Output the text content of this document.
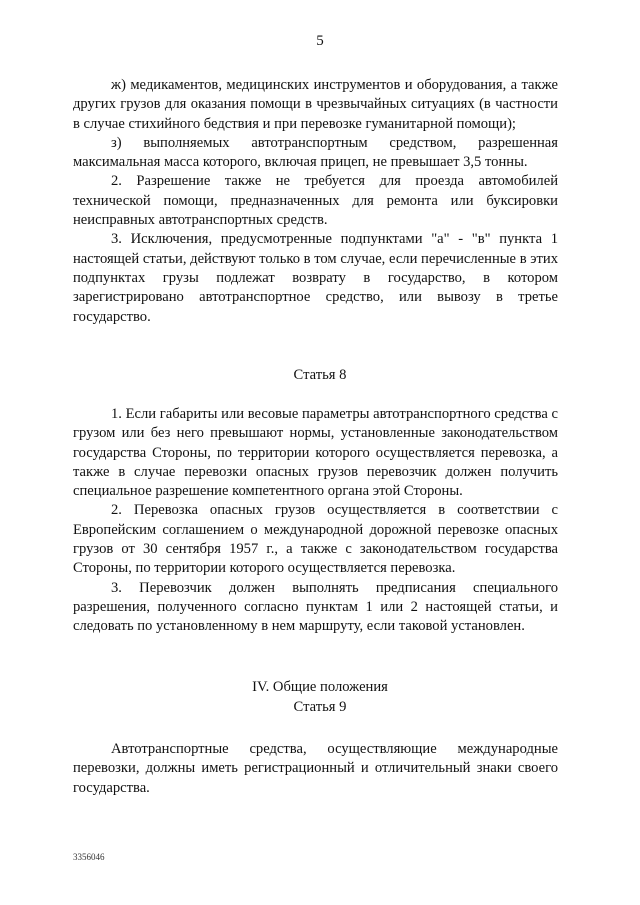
5

ж) медикаментов, медицинских инструментов и оборудования, а также других грузов для оказания помощи в чрезвычайных ситуациях (в частности в случае стихийного бедствия и при перевозке гуманитарной помощи);

з) выполняемых автотранспортным средством, разрешенная максимальная масса которого, включая прицеп, не превышает 3,5 тонны.

2. Разрешение также не требуется для проезда автомобилей технической помощи, предназначенных для ремонта или буксировки неисправных автотранспортных средств.

3. Исключения, предусмотренные подпунктами "а" - "в" пункта 1 настоящей статьи, действуют только в том случае, если перечисленные в этих подпунктах грузы подлежат возврату в государство, в котором зарегистрировано автотранспортное средство, или вывозу в третье государство.

Статья 8

1. Если габариты или весовые параметры автотранспортного средства с грузом или без него превышают нормы, установленные законодательством государства Стороны, по территории которого осуществляется перевозка, а также в случае перевозки опасных грузов перевозчик должен получить специальное разрешение компетентного органа этой Стороны.

2. Перевозка опасных грузов осуществляется в соответствии с Европейским соглашением о международной дорожной перевозке опасных грузов от 30 сентября 1957 г., а также с законодательством государства Стороны, по территории которого осуществляется перевозка.

3. Перевозчик должен выполнять предписания специального разрешения, полученного согласно пунктам 1 или 2 настоящей статьи, и следовать по установленному в нем маршруту, если таковой установлен.

IV. Общие положения
Статья 9

Автотранспортные средства, осуществляющие международные перевозки, должны иметь регистрационный и отличительный знаки своего государства.

3356046
